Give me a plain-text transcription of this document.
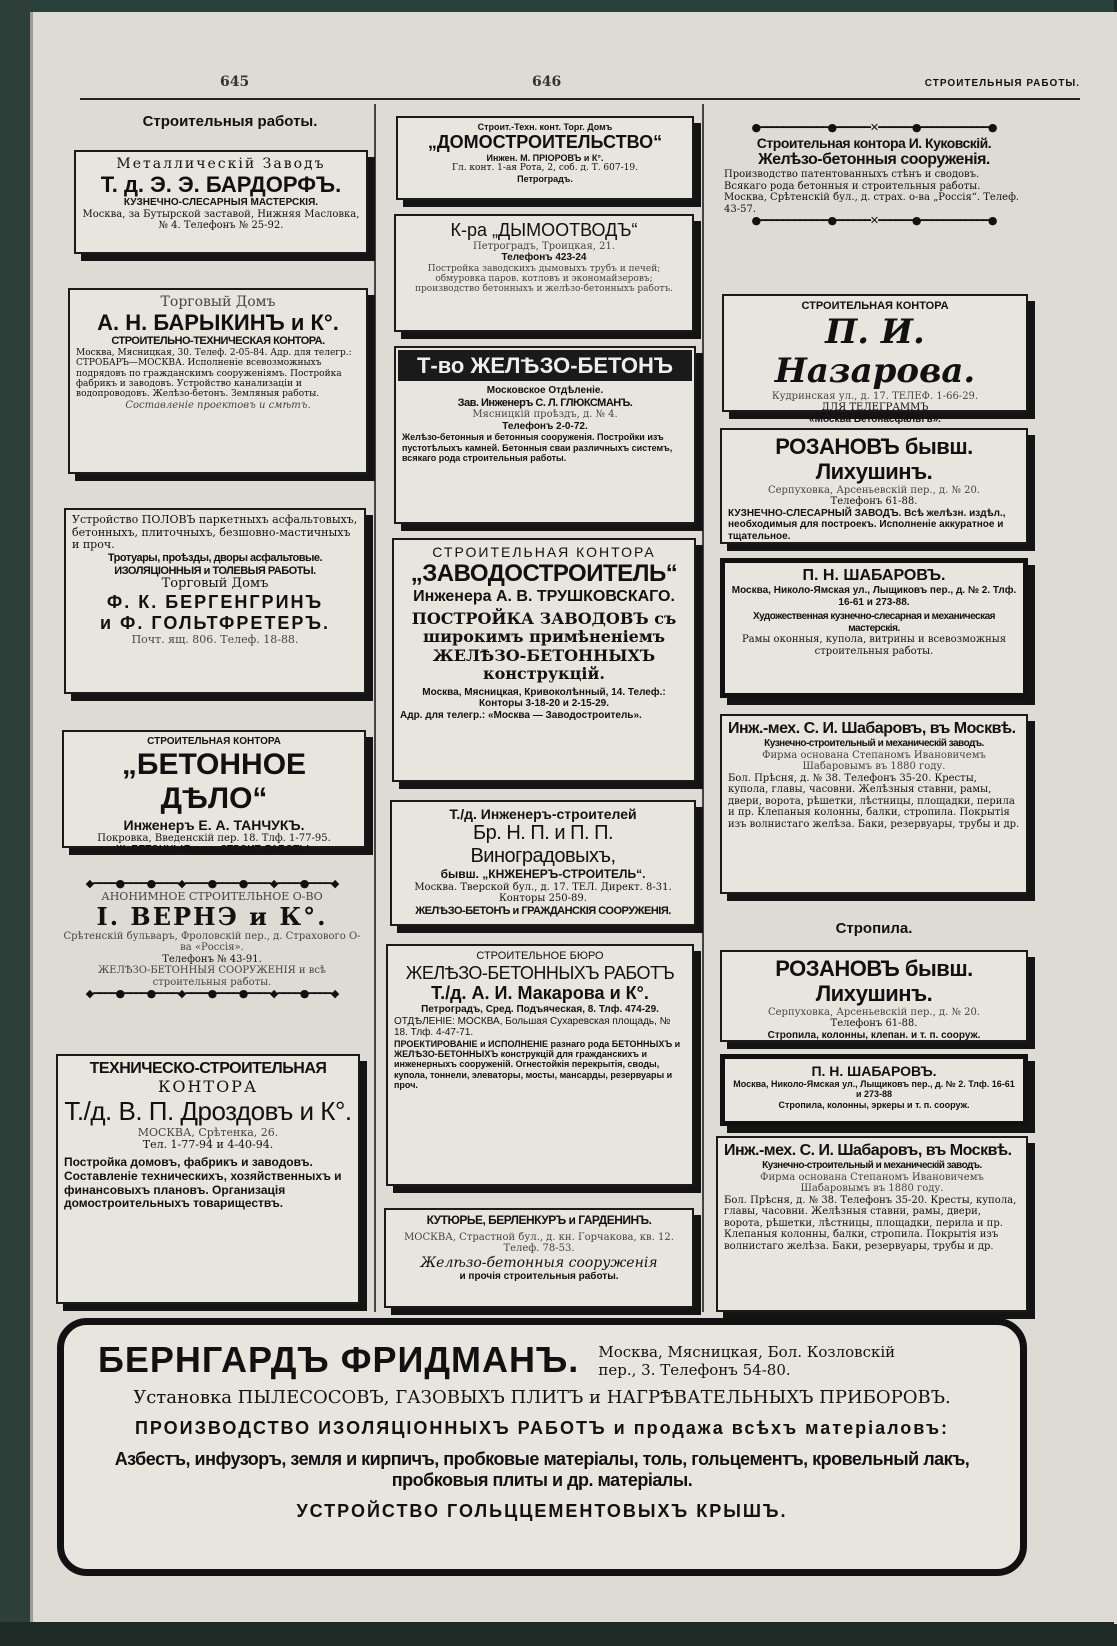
645	646	СТРОИТЕЛЬНЫЯ РАБОТЫ.
Строительныя работы.
Металлическій Заводъ
Т. д. Э. Э. БАРДОРФЪ.
КУЗНЕЧНО-СЛЕСАРНЫЯ МАСТЕРСКІЯ.
Москва, за Бутырской заставой, Нижняя Масловка, № 4. Телефонъ № 25-92.
Торговый Домъ
А. Н. БАРЫКИНЪ и К°.
СТРОИТЕЛЬНО-ТЕХНИЧЕСКАЯ КОНТОРА.
Москва, Мясницкая, 30. Телеф. 2-05-84. Адр. для телегр.: СТРОБАРЪ—МОСКВА. Исполненіе всевозможныхъ подрядовъ по гражданскимъ сооруженіямъ. Постройка фабрикъ и заводовъ. Устройство канализаціи и водопроводовъ. Желѣзо-бетонъ. Земляныя работы.
Составленіе проектовъ и смѣтъ.
Устройство ПОЛОВЪ паркетныхъ асфальтовыхъ, бетонныхъ, плиточныхъ, безшовно-мастичныхъ и проч.
Тротуары, проѣзды, дворы асфальтовые. ИЗОЛЯЦІОННЫЯ и ТОЛЕВЫЯ РАБОТЫ.
Торговый Домъ
Ф. К. БЕРГЕНГРИНЪ
и Ф. ГОЛЬТФРЕТЕРЪ.
Почт. ящ. 806. Телеф. 18-88.
СТРОИТЕЛЬНАЯ КОНТОРА
„БЕТОННОЕ ДѢЛО“
Инженеръ Е. А. ТАНЧУКЪ.
Покровка, Введенскій пер. 18. Тлф. 1-77-95.
Ж.-БЕТОННЫЯ и др. СТРОИТ. РАБОТЫ.
◆━━━━●━━━━●━━━━◆━━━━●━━━━●━━━━◆━━━━●━━━━◆
АНОНИМНОЕ СТРОИТЕЛЬНОЕ О-ВО
I. ВЕРНЭ и К°.
Срѣтенскій бульваръ, Фроловскій пер., д. Страхового О-ва «Россія».
Телефонъ № 43-91.
ЖЕЛѢЗО-БЕТОННЫЯ СООРУЖЕНІЯ и всѣ строительныя работы.
◆━━━━●━━━━●━━━━◆━━━━●━━━━●━━━━◆━━━━●━━━━◆
ТЕХНИЧЕСКО-СТРОИТЕЛЬНАЯ
КОНТОРА
Т./д. В. П. Дроздовъ и К°.
МОСКВА, Срѣтенка, 26.
Тел. 1-77-94 и 4-40-94.
Постройка домовъ, фабрикъ и заводовъ. Составленіе техническихъ, хозяйственныхъ и финансовыхъ плановъ. Организація домостроительныхъ товариществъ.
Строит.-Техн. конт. Торг. Домъ
„ДОМОСТРОИТЕЛЬСТВО“
Инжен. М. ПРІОРОВЪ и К°.
Гл. конт. 1-ая Рота, 2, соб. д. Т. 607-19.
Петроградъ.
К-ра „ДЫМООТВОДЪ“
Петроградъ, Троицкая, 21.
Телефонъ 423-24
Постройка заводскихъ дымовыхъ трубъ и печей; обмуровка паров. котловъ и экономайзеровъ; производство бетонныхъ и желѣзо-бетонныхъ работъ.
Т-во ЖЕЛѢЗО-БЕТОНЪ
Московское Отдѣленіе.
Зав. Инженеръ С. Л. ГЛЮКСМАНЪ.
Мясницкій проѣздъ, д. № 4.
Телефонъ 2-0-72.
Желѣзо-бетонныя и бетонныя сооруженія. Постройки изъ пустотѣлыхъ камней. Бетонныя сваи различныхъ системъ, всякаго рода строительныя работы.
СТРОИТЕЛЬНАЯ КОНТОРА
„ЗАВОДОСТРОИТЕЛЬ“
Инженера А. В. ТРУШКОВСКАГО.
ПОСТРОЙКА ЗАВОДОВЪ съ широкимъ примѣненіемъ ЖЕЛѢЗО-БЕТОННЫХЪ конструкцій.
Москва, Мясницкая, Кривоколѣнный, 14. Телеф.: Конторы 3-18-20 и 2-15-29.
Адр. для телегр.: «Москва — Заводостроитель».
Т./д. Инженеръ-строителей
Бр. Н. П. и П. П. Виноградовыхъ,
бывш. „КНЖЕНЕРЪ-СТРОИТЕЛЬ“.
Москва. Тверской бул., д. 17. ТЕЛ. Директ. 8-31. Конторы 250-89.
ЖЕЛѢЗО-БЕТОНЪ и ГРАЖДАНСКІЯ СООРУЖЕНІЯ.
СТРОИТЕЛЬНОЕ БЮРО
ЖЕЛѢЗО-БЕТОННЫХЪ РАБОТЪ
Т./д. А. И. Макарова и К°.
Петроградъ, Сред. Подъяческая, 8. Тлф. 474-29.
ОТДѢЛЕНІЕ: МОСКВА, Большая Сухаревская площадь, № 18. Тлф. 4-47-71.
ПРОЕКТИРОВАНІЕ и ИСПОЛНЕНІЕ разнаго рода БЕТОННЫХЪ и ЖЕЛѢЗО-БЕТОННЫХЪ конструкцій для гражданскихъ и инженерныхъ сооруженій. Огнестойкія перекрытія, своды, купола, тоннели, элеваторы, мосты, мансарды, резервуары и проч.
КУТЮРЬЕ, БЕРЛЕНКУРЪ и ГАРДЕНИНЪ.
МОСКВА, Страстной бул., д. кн. Горчакова, кв. 12. Телеф. 78-53.
Желѣзо-бетонныя сооруженія
и прочія строительныя работы.
●━━━━━━━━━━━━●━━━━━━✕━━━━━━●━━━━━━━━━━━━●
Строительная контора И. Куковскій.
Желѣзо-бетонныя сооруженія.
Производство патентованныхъ стѣнъ и сводовъ. Всякаго рода бетонныя и строительныя работы.
Москва, Срѣтенскій бул., д. страх. о-ва „Россія“. Телеф. 43-57.
●━━━━━━━━━━━━●━━━━━━✕━━━━━━●━━━━━━━━━━━━●
СТРОИТЕЛЬНАЯ КОНТОРА
П. И. Назарова.
Кудринская ул., д. 17. ТЕЛЕФ. 1-66-29.
ДЛЯ ТЕЛЕГРАММЪ
«Москва Бетонасфальтъ».
РОЗАНОВЪ бывш. Лихушинъ.
Серпуховка, Арсеньевскій пер., д. № 20.
Телефонъ 61-88.
КУЗНЕЧНО-СЛЕСАРНЫЙ ЗАВОДЪ. Всѣ желѣзн. издѣл., необходимыя для построекъ. Исполненіе аккуратное и тщательное.
П. Н. ШАБАРОВЪ.
Москва, Николо-Ямская ул., Лыщиковъ пер., д. № 2. Тлф. 16-61 и 273-88.
Художественная кузнечно-слесарная и механическая мастерскія.
Рамы оконныя, купола, витрины и всевозможныя строительныя работы.
Инж.-мех. С. И. Шабаровъ, въ Москвѣ.
Кузнечно-строительный и механическій заводъ.
Фирма основана Степаномъ Ивановичемъ Шабаровымъ въ 1880 году.
Бол. Прѣсня, д. № 38. Телефонъ 35-20. Кресты, купола, главы, часовни. Желѣзныя ставни, рамы, двери, ворота, рѣшетки, лѣстницы, площадки, перила и пр. Клепаныя колонны, балки, стропила. Покрытія изъ волнистаго желѣза. Баки, резервуары, трубы и др.
Стропила.
РОЗАНОВЪ бывш. Лихушинъ.
Серпуховка, Арсеньевскій пер., д. № 20.
Телефонъ 61-88.
Стропила, колонны, клепан. и т. п. сооруж.
П. Н. ШАБАРОВЪ.
Москва, Николо-Ямская ул., Лыщиковъ пер., д. № 2. Тлф. 16-61 и 273-88
Стропила, колонны, эркеры и т. п. сооруж.
Инж.-мех. С. И. Шабаровъ, въ Москвѣ.
Кузнечно-строительный и механическій заводъ.
Фирма основана Степаномъ Ивановичемъ Шабаровымъ въ 1880 году.
Бол. Прѣсня, д. № 38. Телефонъ 35-20. Кресты, купола, главы, часовни. Желѣзныя ставни, рамы, двери, ворота, рѣшетки, лѣстницы, площадки, перила и пр. Клепаныя колонны, балки, стропила. Покрытія изъ волнистаго желѣза. Баки, резервуары, трубы и др.
БЕРНГАРДЪ ФРИДМАНЪ. Москва, Мясницкая, Бол. Козловскій пер., 3. Телефонъ 54-80.
Установка ПЫЛЕСОСОВЪ, ГАЗОВЫХЪ ПЛИТЪ и НАГРѢВАТЕЛЬНЫХЪ ПРИБОРОВЪ.
ПРОИЗВОДСТВО ИЗОЛЯЦІОННЫХЪ РАБОТЪ и продажа всѣхъ матеріаловъ:
Азбестъ, инфузоръ, земля и кирпичъ, пробковые матеріалы, толь, гольцементъ, кровельный лакъ, пробковыя плиты и др. матеріалы.
УСТРОЙСТВО ГОЛЬЦЦЕМЕНТОВЫХЪ КРЫШЪ.
